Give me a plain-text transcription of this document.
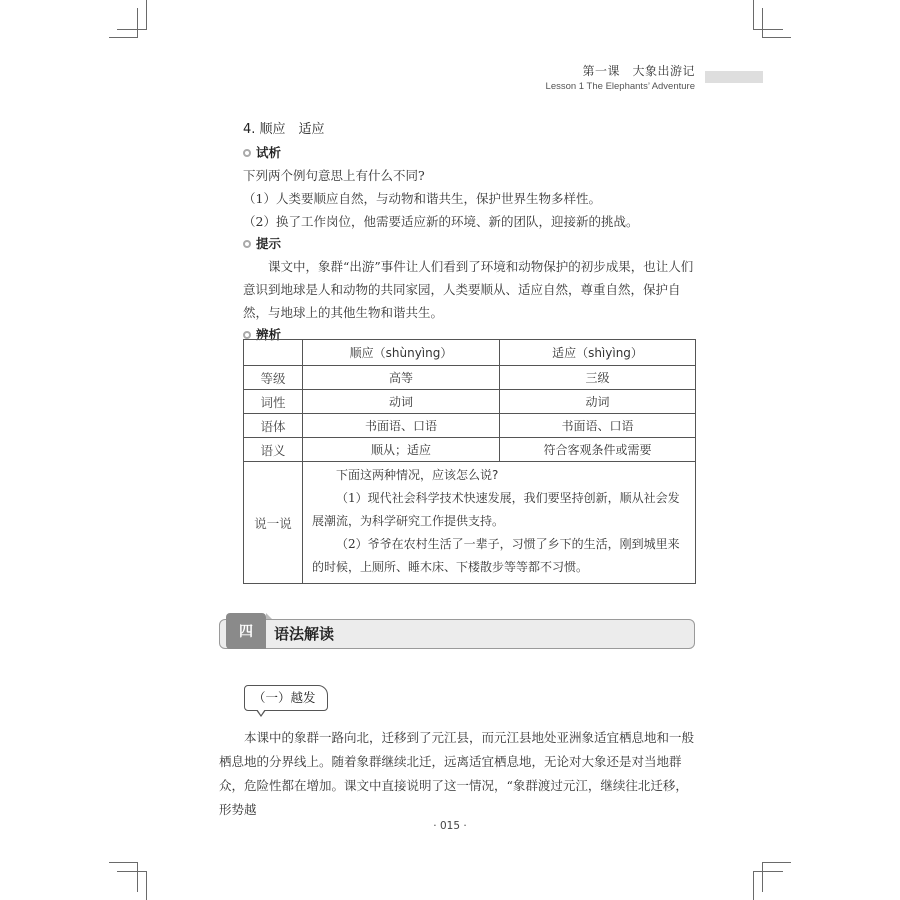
第一课　大象出游记
Lesson 1 The Elephants’ Adventure
4. 顺应　适应
试析
下列两个例句意思上有什么不同?
（1）人类要顺应自然，与动物和谐共生，保护世界生物多样性。
（2）换了工作岗位，他需要适应新的环境、新的团队，迎接新的挑战。
提示
课文中，象群“出游”事件让人们看到了环境和动物保护的初步成果，也让人们意识到地球是人和动物的共同家园，人类要顺从、适应自然，尊重自然，保护自然，与地球上的其他生物和谐共生。
辨析
	顺应（shùnyìng）	适应（shìyìng）
等级	高等	三级
词性	动词	动词
语体	书面语、口语	书面语、口语
语义	顺从；适应	符合客观条件或需要
说一说	下面这两种情况，应该怎么说?
（1）现代社会科学技术快速发展，我们要坚持创新，顺从社会发展潮流，为科学研究工作提供支持。
（2）爷爷在农村生活了一辈子，习惯了乡下的生活，刚到城里来的时候，上厕所、睡木床、下楼散步等等都不习惯。	
四	语法解读
（一）越发
本课中的象群一路向北，迁移到了元江县，而元江县地处亚洲象适宜栖息地和一般栖息地的分界线上。随着象群继续北迁，远离适宜栖息地，无论对大象还是对当地群众，危险性都在增加。课文中直接说明了这一情况，“象群渡过元江，继续往北迁移，形势越
· 015 ·
